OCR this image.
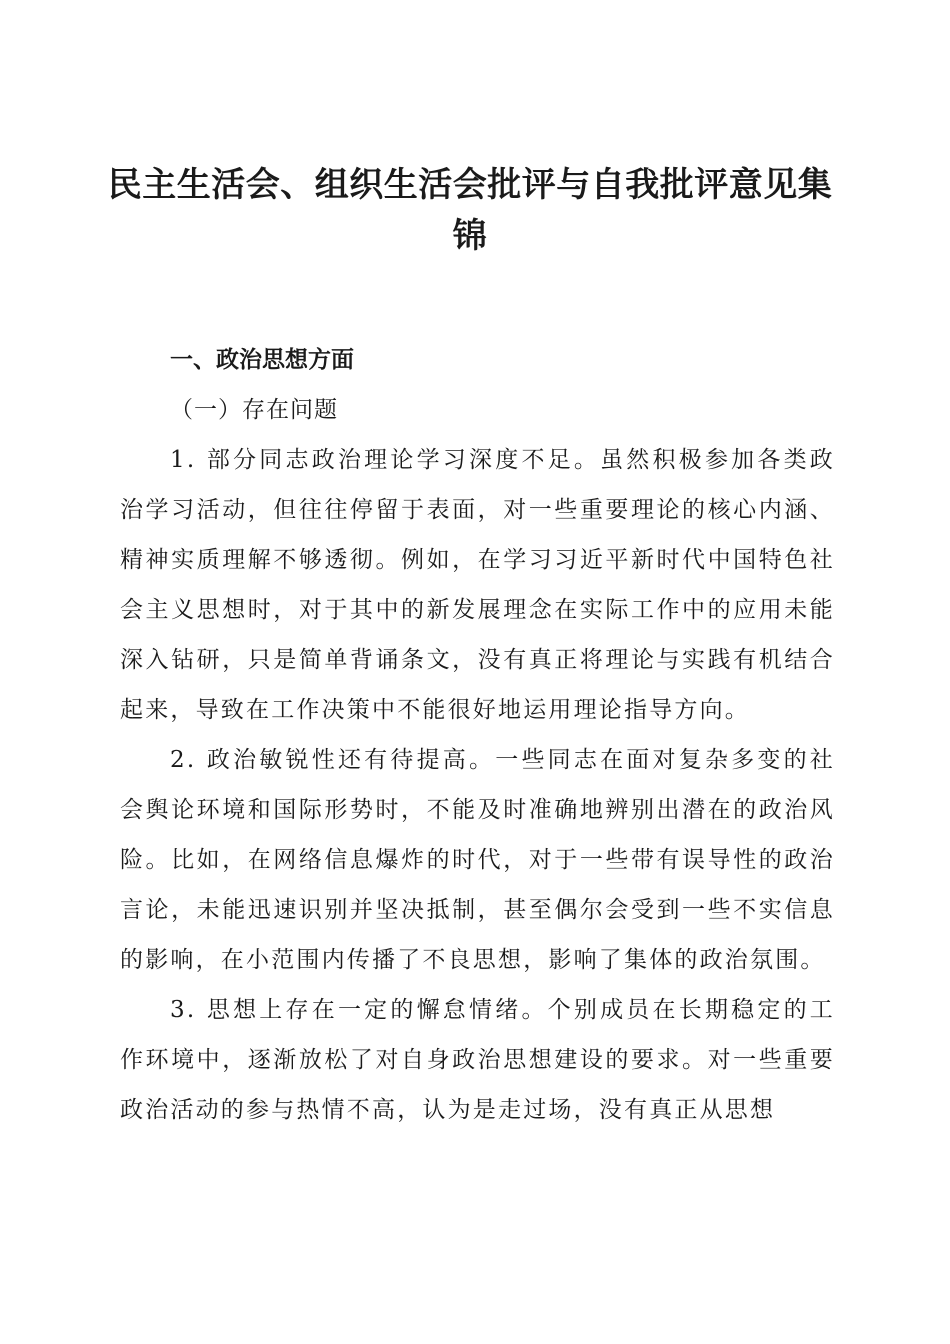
民主生活会、组织生活会批评与自我批评意见集锦
一、政治思想方面
（一）存在问题

1. 部分同志政治理论学习深度不足。虽然积极参加各类政治学习活动，但往往停留于表面，对一些重要理论的核心内涵、精神实质理解不够透彻。例如，在学习习近平新时代中国特色社会主义思想时，对于其中的新发展理念在实际工作中的应用未能深入钻研，只是简单背诵条文，没有真正将理论与实践有机结合起来，导致在工作决策中不能很好地运用理论指导方向。

2. 政治敏锐性还有待提高。一些同志在面对复杂多变的社会舆论环境和国际形势时，不能及时准确地辨别出潜在的政治风险。比如，在网络信息爆炸的时代，对于一些带有误导性的政治言论，未能迅速识别并坚决抵制，甚至偶尔会受到一些不实信息的影响，在小范围内传播了不良思想，影响了集体的政治氛围。

3. 思想上存在一定的懈怠情绪。个别成员在长期稳定的工作环境中，逐渐放松了对自身政治思想建设的要求。对一些重要政治活动的参与热情不高，认为是走过场，没有真正从思想
